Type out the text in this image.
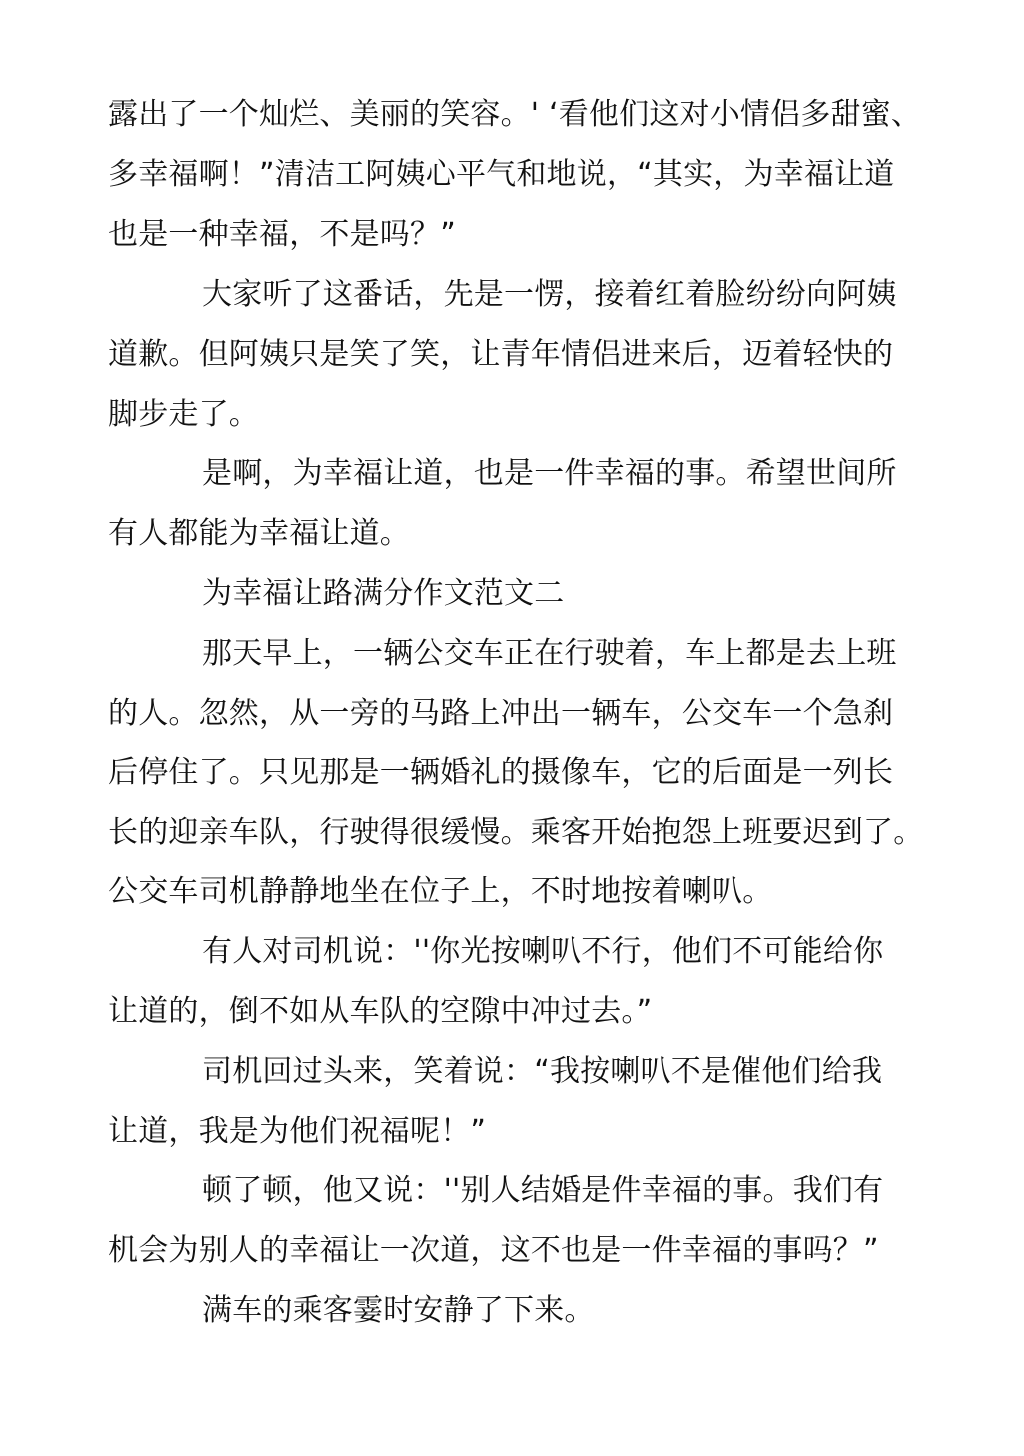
露出了一个灿烂、美丽的笑容。' ‘看他们这对小情侣多甜蜜、
多幸福啊！”清洁工阿姨心平气和地说，“其实，为幸福让道
也是一种幸福，不是吗？”
大家听了这番话，先是一愣，接着红着脸纷纷向阿姨
道歉。但阿姨只是笑了笑，让青年情侣进来后，迈着轻快的
脚步走了。
是啊，为幸福让道，也是一件幸福的事。希望世间所
有人都能为幸福让道。
为幸福让路满分作文范文二
那天早上，一辆公交车正在行驶着，车上都是去上班
的人。忽然，从一旁的马路上冲出一辆车，公交车一个急刹
后停住了。只见那是一辆婚礼的摄像车，它的后面是一列长
长的迎亲车队，行驶得很缓慢。乘客开始抱怨上班要迟到了。
公交车司机静静地坐在位子上，不时地按着喇叭。
有人对司机说：''你光按喇叭不行，他们不可能给你
让道的，倒不如从车队的空隙中冲过去。”
司机回过头来，笑着说：“我按喇叭不是催他们给我
让道，我是为他们祝福呢！”
顿了顿，他又说：''别人结婚是件幸福的事。我们有
机会为别人的幸福让一次道，这不也是一件幸福的事吗？”
满车的乘客霎时安静了下来。
